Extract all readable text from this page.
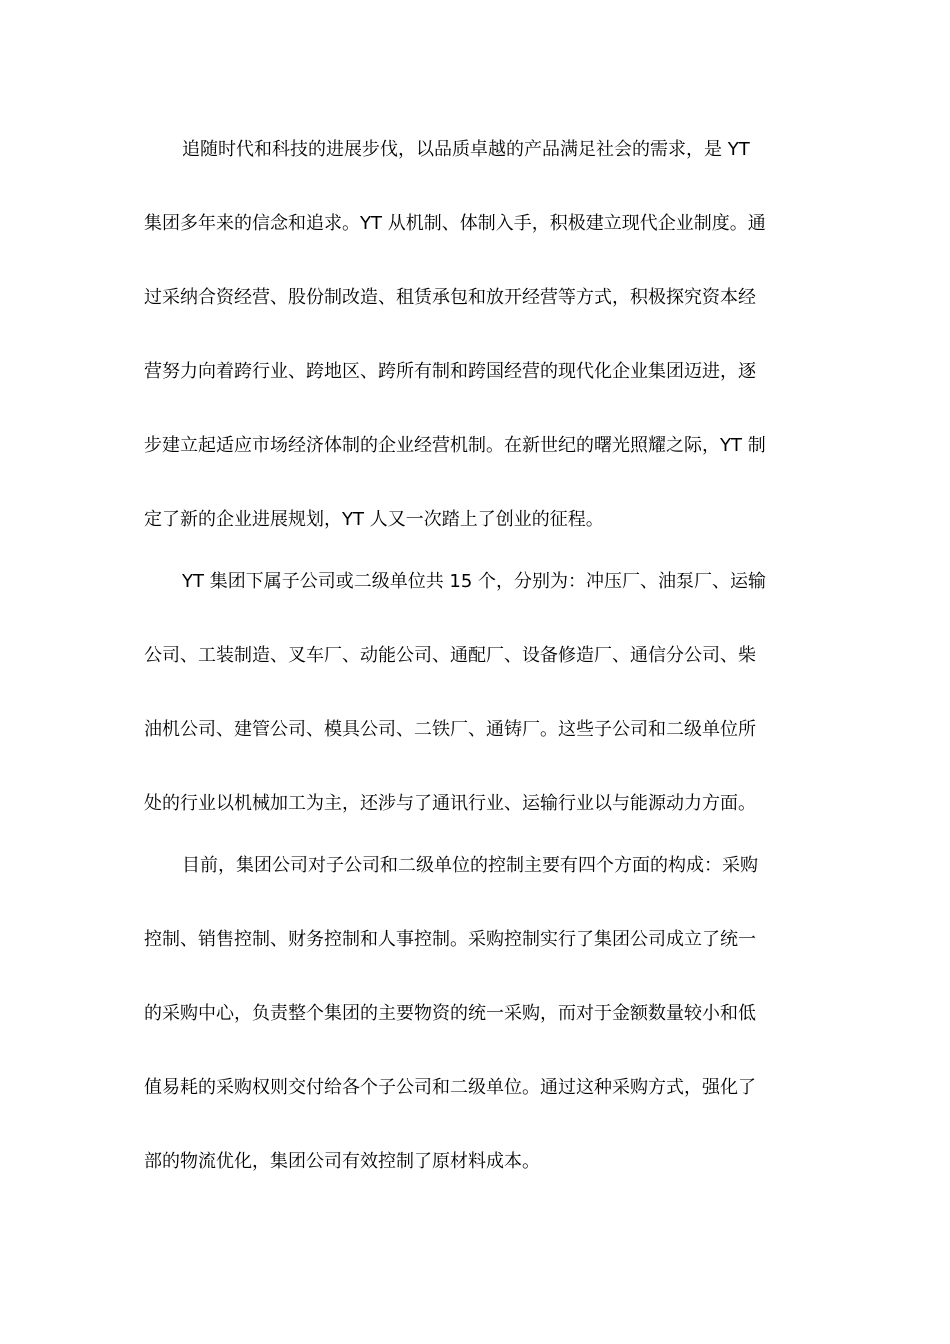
追随时代和科技的进展步伐，以品质卓越的产品满足社会的需求，是 YT
集团多年来的信念和追求。YT 从机制、体制入手，积极建立现代企业制度。通
过采纳合资经营、股份制改造、租赁承包和放开经营等方式，积极探究资本经
营努力向着跨行业、跨地区、跨所有制和跨国经营的现代化企业集团迈进，逐
步建立起适应市场经济体制的企业经营机制。在新世纪的曙光照耀之际，YT 制
定了新的企业进展规划，YT 人又一次踏上了创业的征程。
YT 集团下属子公司或二级单位共 15 个，分别为：冲压厂、油泵厂、运输
公司、工装制造、叉车厂、动能公司、通配厂、设备修造厂、通信分公司、柴
油机公司、建管公司、模具公司、二铁厂、通铸厂。这些子公司和二级单位所
处的行业以机械加工为主，还涉与了通讯行业、运输行业以与能源动力方面。
目前，集团公司对子公司和二级单位的控制主要有四个方面的构成：采购
控制、销售控制、财务控制和人事控制。采购控制实行了集团公司成立了统一
的采购中心，负责整个集团的主要物资的统一采购，而对于金额数量较小和低
值易耗的采购权则交付给各个子公司和二级单位。通过这种采购方式，强化了
部的物流优化，集团公司有效控制了原材料成本。
